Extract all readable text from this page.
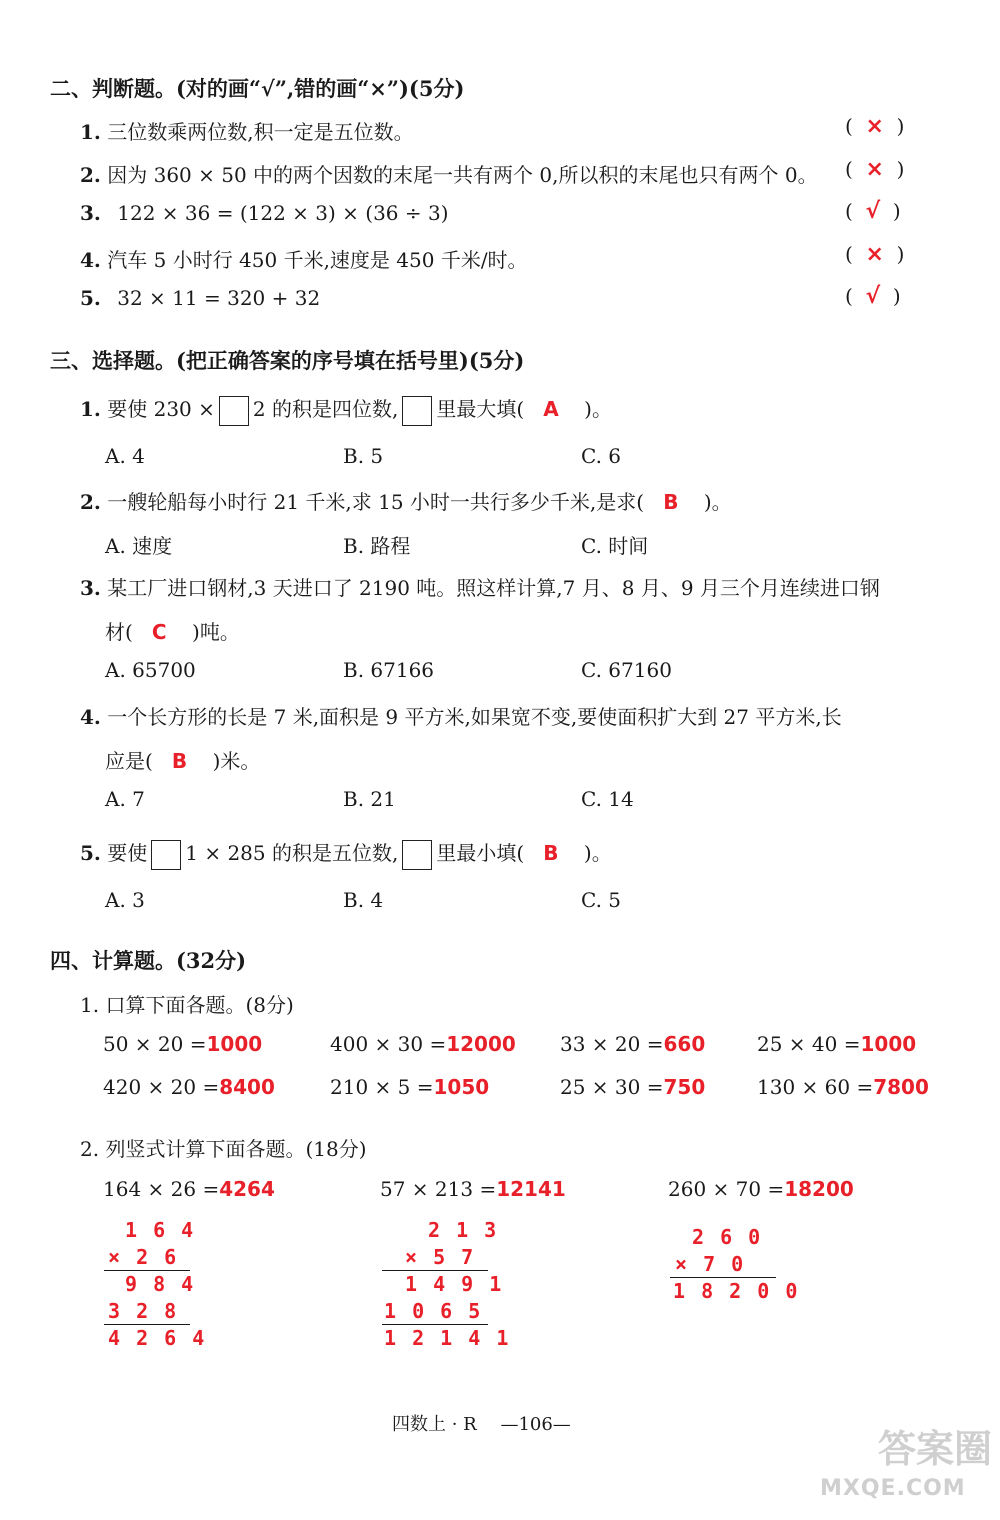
二、判断题。(对的画“√”,错的画“×”)(5分)
1. 三位数乘两位数,积一定是五位数。	(  ×  )
2. 因为 360 × 50 中的两个因数的末尾一共有两个 0,所以积的末尾也只有两个 0。 (  ×  )
3. 122 × 36 = (122 × 3) × (36 ÷ 3)	(  √  )
4. 汽车 5 小时行 450 千米,速度是 450 千米/时。	(  ×  )
5. 32 × 11 = 320 + 32	(  √  )
三、选择题。(把正确答案的序号填在括号里)(5分)
1. 要使 230 × 2 的积是四位数, 里最大填( A )。
A. 4	B. 5	C. 6
2. 一艘轮船每小时行 21 千米,求 15 小时一共行多少千米,是求( B )。
A. 速度	B. 路程	C. 时间
3. 某工厂进口钢材,3 天进口了 2190 吨。照这样计算,7 月、8 月、9 月三个月连续进口钢
材( C )吨。
A. 65700	B. 67166	C. 67160
4. 一个长方形的长是 7 米,面积是 9 平方米,如果宽不变,要使面积扩大到 27 平方米,长
应是( B )米。
A. 7	B. 21	C. 14
5. 要使 1 × 285 的积是五位数, 里最小填( B )。
A. 3	B. 4	C. 5
四、计算题。(32分)
1. 口算下面各题。(8分)
50 × 20 =1000	400 × 30 =12000 33 × 20 =660	25 × 40 =1000
420 × 20 =8400	210 × 5 =1050	25 × 30 =750	130 × 60 =7800
2. 列竖式计算下面各题。(18分)
164 × 26 =4264	57 × 213 =12141	260 × 70 =18200
1 6 4
× 2 6
9 8 4
3 2 8
4 2 6 4
2 1 3
× 5 7
1 4 9 1
1 0 6 5
1 2 1 4 1
2 6 0
× 7 0
1 8 2 0 0
四数上 · R —106—
答案圈
MXQE.COM
